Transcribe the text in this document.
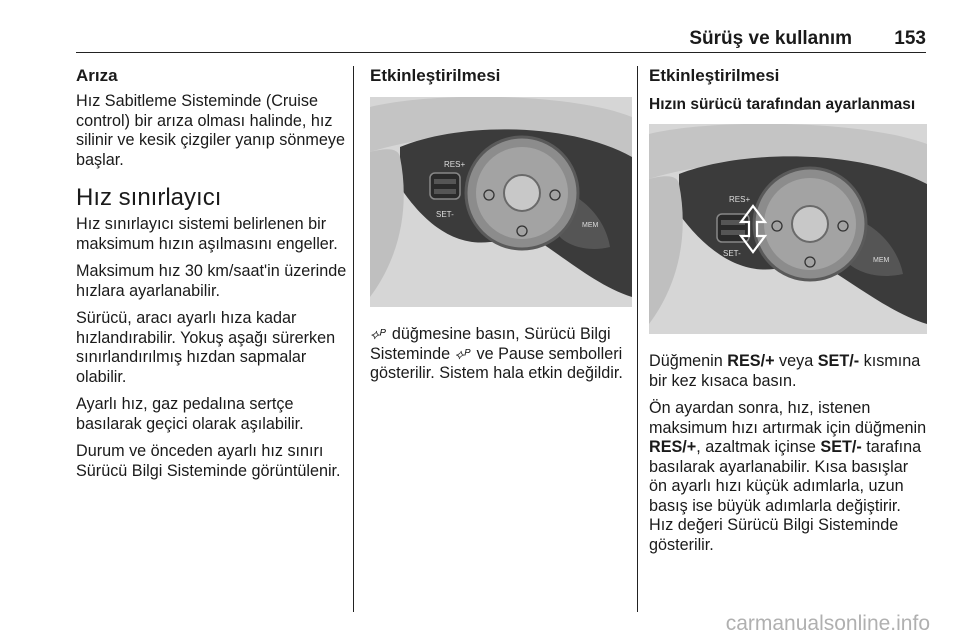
Sürüş ve kullanım 153
Arıza

Hız Sabitleme Sisteminde (Cruise control) bir arıza olması halinde, hız silinir ve kesik çizgiler yanıp sönmeye başlar.

Hız sınırlayıcı

Hız sınırlayıcı sistemi belirlenen bir maksimum hızın aşılmasını engeller.

Maksimum hız 30 km/saat'in üzerinde hızlara ayarlanabilir.

Sürücü, aracı ayarlı hıza kadar hızlandırabilir. Yokuş aşağı sürerken sınırlandırılmış hızdan sapmalar olabilir.

Ayarlı hız, gaz pedalına sertçe basılarak geçici olarak aşılabilir.

Durum ve önceden ayarlı hız sınırı Sürücü Bilgi Sisteminde görüntülenir.

Etkinleştirilmesi
RES+
SET-
MEM

⟡ᴾ düğmesine basın, Sürücü Bilgi Sisteminde ⟡ᴾ ve Pause sembolleri gösterilir. Sistem hala etkin değildir.

Etkinleştirilmesi
Hızın sürücü tarafından ayarlanması
RES+
SET-
MEM

Düğmenin RES/+ veya SET/- kısmına bir kez kısaca basın.

Ön ayardan sonra, hız, istenen maksimum hızı artırmak için düğmenin RES/+, azaltmak içinse SET/- tarafına basılarak ayarlanabilir. Kısa basışlar ön ayarlı hızı küçük adımlarla, uzun basış ise büyük adımlarla değiştirir. Hız değeri Sürücü Bilgi Sisteminde gösterilir.

carmanualsonline.info
